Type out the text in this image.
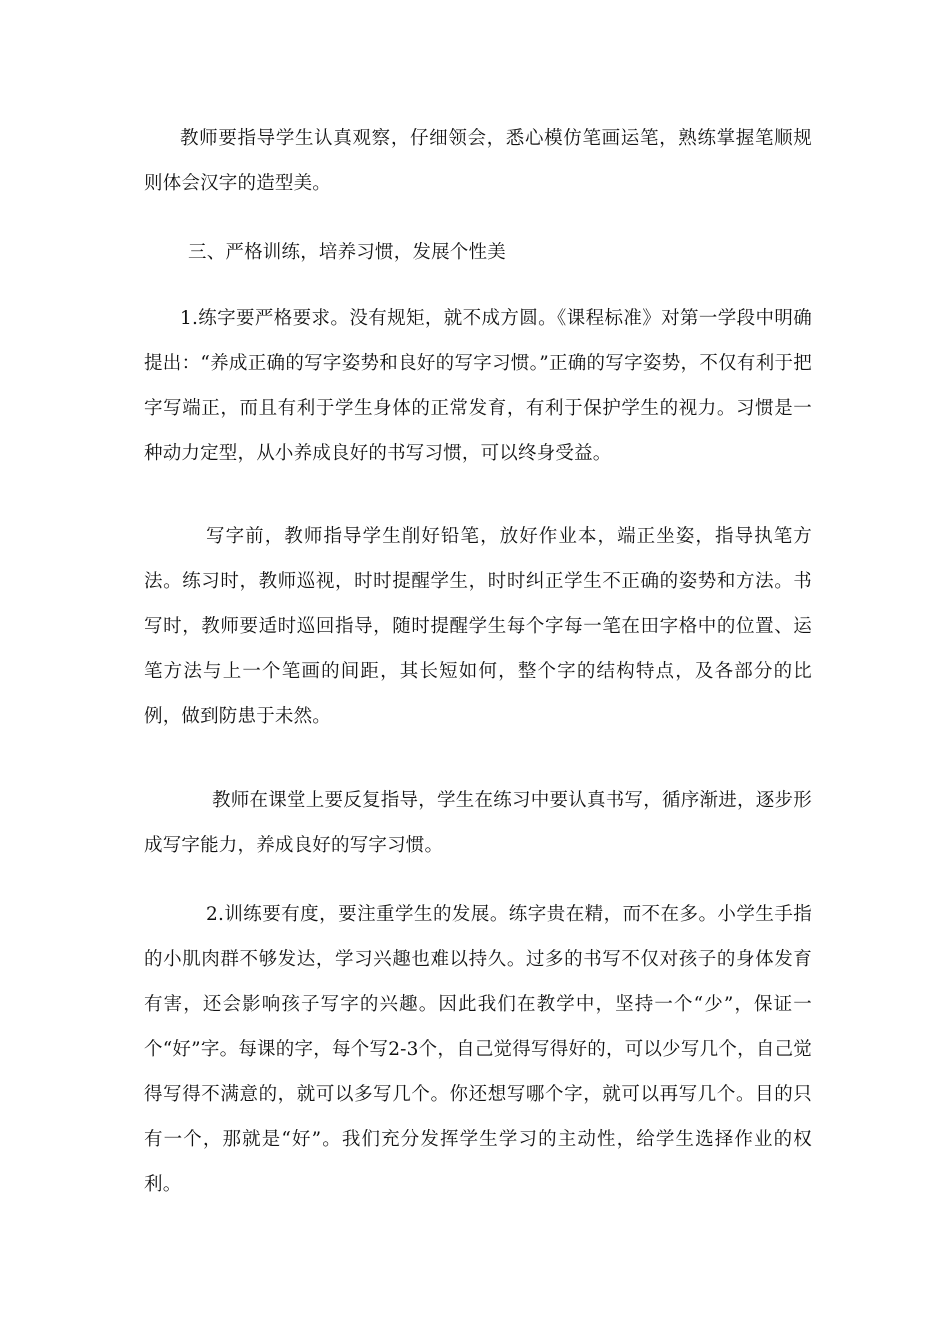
教师要指导学生认真观察，仔细领会，悉心模仿笔画运笔，熟练掌握笔顺规则体会汉字的造型美。

三、严格训练，培养习惯，发展个性美

1.练字要严格要求。没有规矩，就不成方圆。《课程标准》对第一学段中明确提出：“养成正确的写字姿势和良好的写字习惯。”正确的写字姿势，不仅有利于把字写端正，而且有利于学生身体的正常发育，有利于保护学生的视力。习惯是一种动力定型，从小养成良好的书写习惯，可以终身受益。

写字前，教师指导学生削好铅笔，放好作业本，端正坐姿，指导执笔方法。练习时，教师巡视，时时提醒学生，时时纠正学生不正确的姿势和方法。书写时，教师要适时巡回指导，随时提醒学生每个字每一笔在田字格中的位置、运笔方法与上一个笔画的间距，其长短如何，整个字的结构特点，及各部分的比例，做到防患于未然。

教师在课堂上要反复指导，学生在练习中要认真书写，循序渐进，逐步形成写字能力，养成良好的写字习惯。

2.训练要有度，要注重学生的发展。练字贵在精，而不在多。小学生手指的小肌肉群不够发达，学习兴趣也难以持久。过多的书写不仅对孩子的身体发育有害，还会影响孩子写字的兴趣。因此我们在教学中，坚持一个“少”，保证一个“好”字。每课的字，每个写2-3个，自己觉得写得好的，可以少写几个，自己觉得写得不满意的，就可以多写几个。你还想写哪个字，就可以再写几个。目的只有一个，那就是“好”。我们充分发挥学生学习的主动性，给学生选择作业的权利。
